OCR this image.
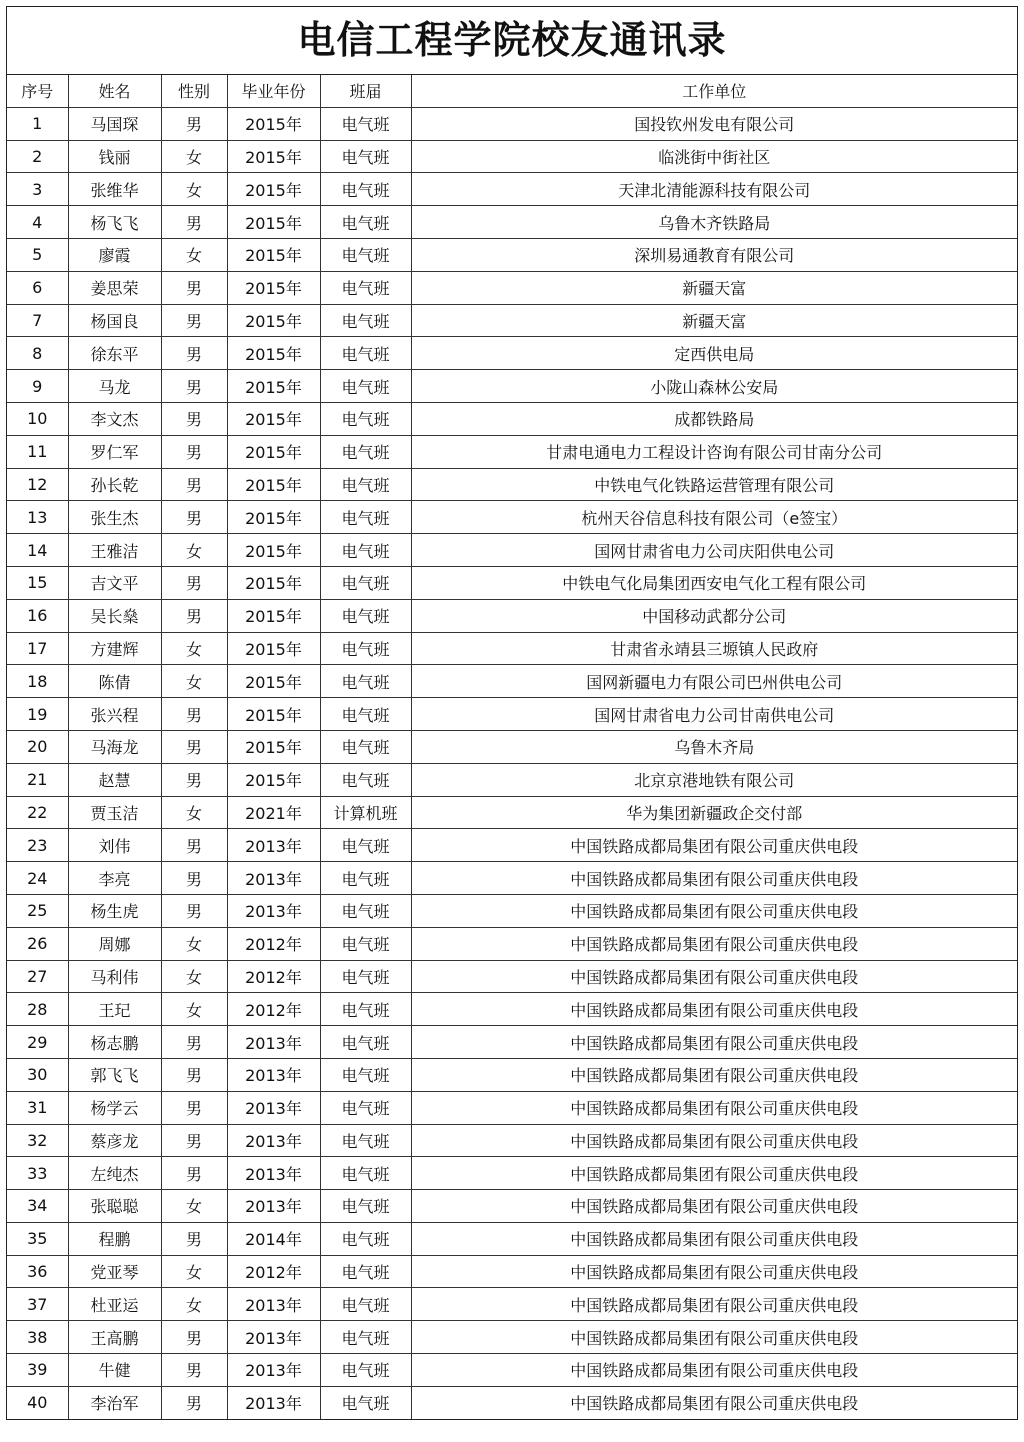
电信工程学院校友通讯录
序号	姓名	性别	毕业年份	班届	工作单位
1	马国琛	男	2015年	电气班	国投钦州发电有限公司
2	钱丽	女	2015年	电气班	临洮街中街社区
3	张维华	女	2015年	电气班	天津北清能源科技有限公司
4	杨飞飞	男	2015年	电气班	乌鲁木齐铁路局
5	廖霞	女	2015年	电气班	深圳易通教育有限公司
6	姜思荣	男	2015年	电气班	新疆天富
7	杨国良	男	2015年	电气班	新疆天富
8	徐东平	男	2015年	电气班	定西供电局
9	马龙	男	2015年	电气班	小陇山森林公安局
10	李文杰	男	2015年	电气班	成都铁路局
11	罗仁军	男	2015年	电气班	甘肃电通电力工程设计咨询有限公司甘南分公司
12	孙长乾	男	2015年	电气班	中铁电气化铁路运营管理有限公司
13	张生杰	男	2015年	电气班	杭州天谷信息科技有限公司（e签宝）
14	王雅洁	女	2015年	电气班	国网甘肃省电力公司庆阳供电公司
15	吉文平	男	2015年	电气班	中铁电气化局集团西安电气化工程有限公司
16	吴长燊	男	2015年	电气班	中国移动武都分公司
17	方建辉	女	2015年	电气班	甘肃省永靖县三塬镇人民政府
18	陈倩	女	2015年	电气班	国网新疆电力有限公司巴州供电公司
19	张兴程	男	2015年	电气班	国网甘肃省电力公司甘南供电公司
20	马海龙	男	2015年	电气班	乌鲁木齐局
21	赵慧	男	2015年	电气班	北京京港地铁有限公司
22	贾玉洁	女	2021年	计算机班	华为集团新疆政企交付部
23	刘伟	男	2013年	电气班	中国铁路成都局集团有限公司重庆供电段
24	李亮	男	2013年	电气班	中国铁路成都局集团有限公司重庆供电段
25	杨生虎	男	2013年	电气班	中国铁路成都局集团有限公司重庆供电段
26	周娜	女	2012年	电气班	中国铁路成都局集团有限公司重庆供电段
27	马利伟	女	2012年	电气班	中国铁路成都局集团有限公司重庆供电段
28	王玘	女	2012年	电气班	中国铁路成都局集团有限公司重庆供电段
29	杨志鹏	男	2013年	电气班	中国铁路成都局集团有限公司重庆供电段
30	郭飞飞	男	2013年	电气班	中国铁路成都局集团有限公司重庆供电段
31	杨学云	男	2013年	电气班	中国铁路成都局集团有限公司重庆供电段
32	蔡彦龙	男	2013年	电气班	中国铁路成都局集团有限公司重庆供电段
33	左纯杰	男	2013年	电气班	中国铁路成都局集团有限公司重庆供电段
34	张聪聪	女	2013年	电气班	中国铁路成都局集团有限公司重庆供电段
35	程鹏	男	2014年	电气班	中国铁路成都局集团有限公司重庆供电段
36	党亚琴	女	2012年	电气班	中国铁路成都局集团有限公司重庆供电段
37	杜亚运	女	2013年	电气班	中国铁路成都局集团有限公司重庆供电段
38	王高鹏	男	2013年	电气班	中国铁路成都局集团有限公司重庆供电段
39	牛健	男	2013年	电气班	中国铁路成都局集团有限公司重庆供电段
40	李治军	男	2013年	电气班	中国铁路成都局集团有限公司重庆供电段
